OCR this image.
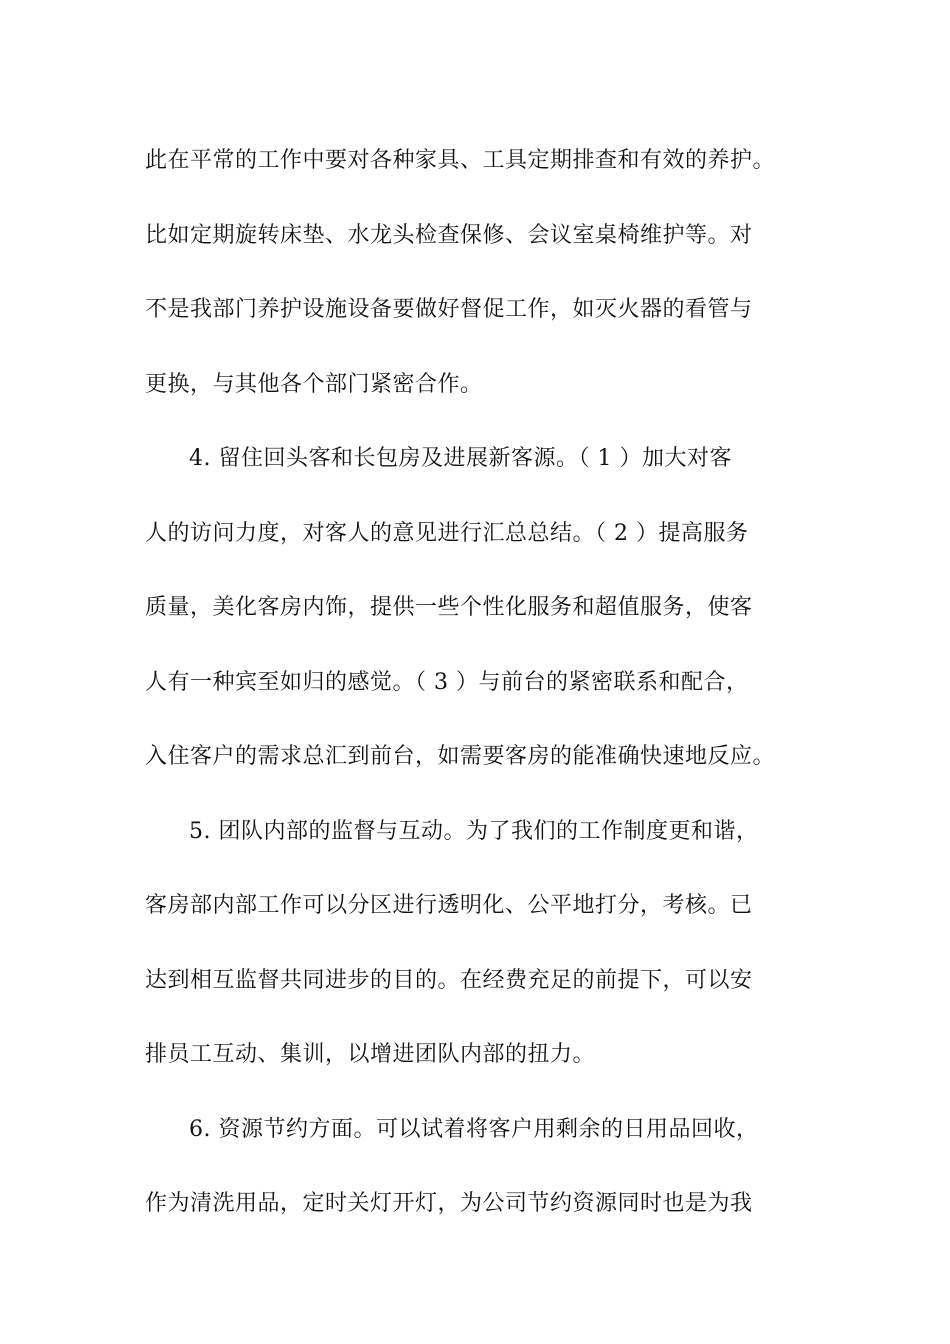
此在平常的工作中要对各种家具、工具定期排查和有效的养护。
比如定期旋转床垫、水龙头检查保修、会议室桌椅维护等。对
不是我部门养护设施设备要做好督促工作，如灭火器的看管与
更换，与其他各个部门紧密合作。
4. 留住回头客和长包房及进展新客源。（ 1 ）加大对客
人的访问力度，对客人的意见进行汇总总结。（ 2 ）提高服务
质量，美化客房内饰，提供一些个性化服务和超值服务，使客
人有一种宾至如归的感觉。（ 3 ）与前台的紧密联系和配合，
入住客户的需求总汇到前台，如需要客房的能准确快速地反应。
5. 团队内部的监督与互动。为了我们的工作制度更和谐，
客房部内部工作可以分区进行透明化、公平地打分，考核。已
达到相互监督共同进步的目的。在经费充足的前提下，可以安
排员工互动、集训，以增进团队内部的扭力。
6. 资源节约方面。可以试着将客户用剩余的日用品回收，
作为清洗用品，定时关灯开灯，为公司节约资源同时也是为我
